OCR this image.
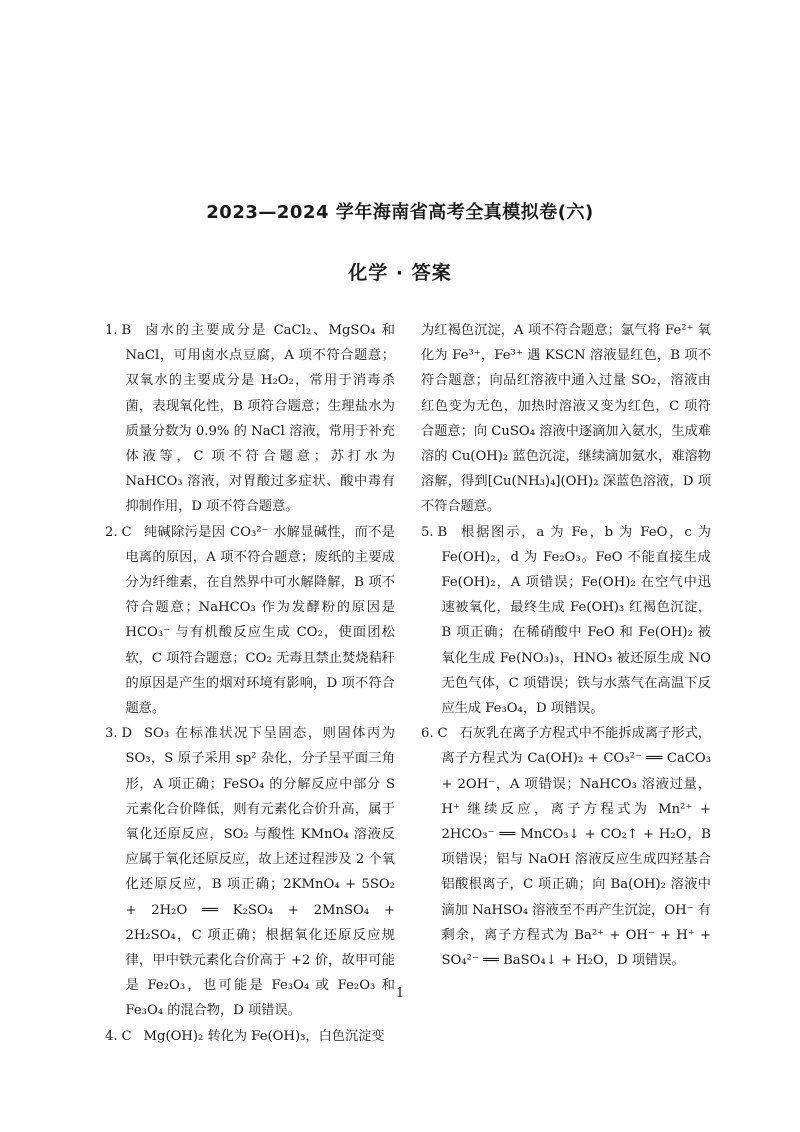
2023—2024 学年海南省高考全真模拟卷(六)
化学 · 答案

1. B 卤水的主要成分是 CaCl₂、MgSO₄ 和 NaCl，可用卤水点豆腐，A 项不符合题意；双氧水的主要成分是 H₂O₂，常用于消毒杀菌，表现氧化性，B 项符合题意；生理盐水为质量分数为 0.9% 的 NaCl 溶液，常用于补充体液等，C 项不符合题意；苏打水为 NaHCO₃ 溶液，对胃酸过多症状、酸中毒有抑制作用，D 项不符合题意。

2. C 纯碱除污是因 CO₃²⁻ 水解显碱性，而不是电离的原因，A 项不符合题意；废纸的主要成分为纤维素，在自然界中可水解降解，B 项不符合题意；NaHCO₃ 作为发酵粉的原因是 HCO₃⁻ 与有机酸反应生成 CO₂，使面团松软，C 项符合题意；CO₂ 无毒且禁止焚烧秸秆的原因是产生的烟对环境有影响，D 项不符合题意。

3. D SO₃ 在标准状况下呈固态，则固体丙为 SO₃，S 原子采用 sp² 杂化，分子呈平面三角形，A 项正确；FeSO₄ 的分解反应中部分 S 元素化合价降低，则有元素化合价升高，属于氧化还原反应，SO₂ 与酸性 KMnO₄ 溶液反应属于氧化还原反应，故上述过程涉及 2 个氧化还原反应，B 项正确；2KMnO₄ + 5SO₂ + 2H₂O ══ K₂SO₄ + 2MnSO₄ + 2H₂SO₄，C 项正确；根据氧化还原反应规律，甲中铁元素化合价高于 +2 价，故甲可能是 Fe₂O₃，也可能是 Fe₃O₄ 或 Fe₂O₃ 和 Fe₃O₄ 的混合物，D 项错误。

4. C Mg(OH)₂ 转化为 Fe(OH)₃，白色沉淀变

为红褐色沉淀，A 项不符合题意；氯气将 Fe²⁺ 氧化为 Fe³⁺，Fe³⁺ 遇 KSCN 溶液显红色，B 项不符合题意；向品红溶液中通入过量 SO₂，溶液由红色变为无色，加热时溶液又变为红色，C 项符合题意；向 CuSO₄ 溶液中逐滴加入氨水，生成难溶的 Cu(OH)₂ 蓝色沉淀，继续滴加氨水，难溶物溶解，得到[Cu(NH₃)₄](OH)₂ 深蓝色溶液，D 项不符合题意。

5. B 根据图示，a 为 Fe，b 为 FeO，c 为 Fe(OH)₂，d 为 Fe₂O₃。FeO 不能直接生成 Fe(OH)₂，A 项错误；Fe(OH)₂ 在空气中迅速被氧化，最终生成 Fe(OH)₃ 红褐色沉淀，B 项正确；在稀硝酸中 FeO 和 Fe(OH)₂ 被氧化生成 Fe(NO₃)₃，HNO₃ 被还原生成 NO 无色气体，C 项错误；铁与水蒸气在高温下反应生成 Fe₃O₄，D 项错误。

6. C 石灰乳在离子方程式中不能拆成离子形式，离子方程式为 Ca(OH)₂ + CO₃²⁻ ══ CaCO₃ + 2OH⁻，A 项错误；NaHCO₃ 溶液过量，H⁺ 继续反应，离子方程式为 Mn²⁺ + 2HCO₃⁻ ══ MnCO₃↓ + CO₂↑ + H₂O，B 项错误；铝与 NaOH 溶液反应生成四羟基合铝酸根离子，C 项正确；向 Ba(OH)₂ 溶液中滴加 NaHSO₄ 溶液至不再产生沉淀，OH⁻ 有剩余，离子方程式为 Ba²⁺ + OH⁻ + H⁺ + SO₄²⁻ ══ BaSO₄↓ + H₂O，D 项错误。

1
